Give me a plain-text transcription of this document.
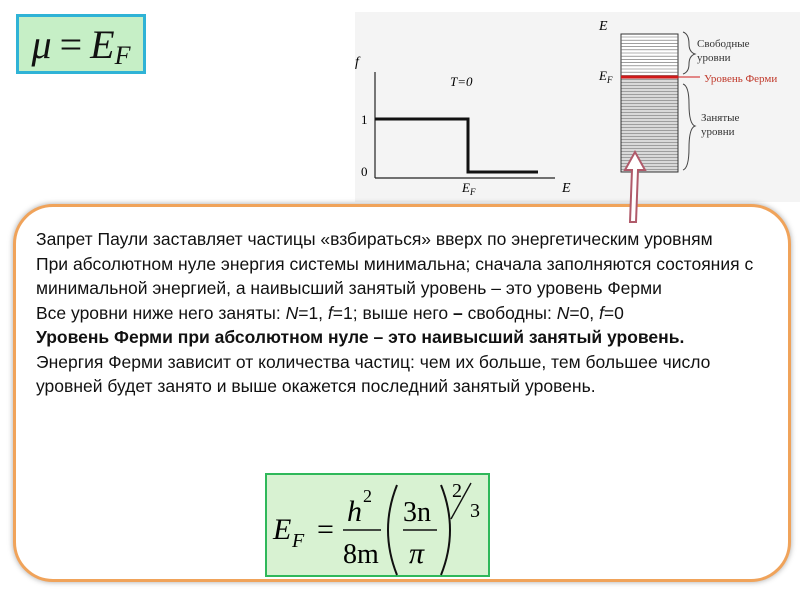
μ = E F	f
T=0
1
0
$E_F$	E
E
$E_F$
Свободные
уровни
Уровень Ферми
Занятые
уровни

Запрет Паули заставляет частицы «взбираться» вверх по энергетическим уровням

При абсолютном нуле энергия системы минимальна; сначала заполняются состояния с минимальной энергией, а наивысший занятый уровень – это уровень Ферми

Все уровни ниже него заняты: N=1, f=1; выше него – свободны: N=0, f=0

Уровень Ферми при абсолютном нуле – это наивысший занятый уровень.

Энергия Ферми зависит от количества частиц: чем их больше, тем большее число уровней будет занято и выше окажется последний занятый уровень.

E F =
h 2
8m
3n
π
2
3
